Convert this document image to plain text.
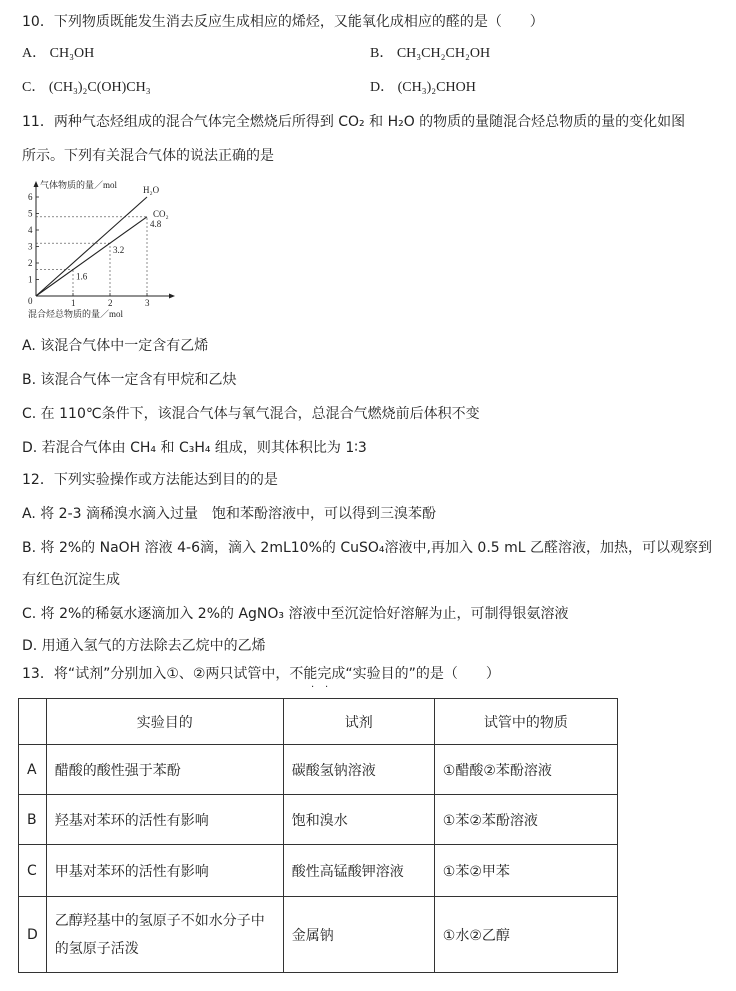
10．下列物质既能发生消去反应生成相应的烯烃，又能氧化成相应的醛的是（　　）
A． CH₃OH	B． CH₃CH₂CH₂OH
C． (CH₃)₂C(OH)CH₃	D． (CH₃)₂CHOH
11．两种气态烃组成的混合气体完全燃烧后所得到 CO₂ 和 H₂O 的物质的量随混合烃总物质的量的变化如图
所示。下列有关混合气体的说法正确的是
气体物质的量／mol
混合烃总物质的量／mol
0
1
2
3
4
5
6
1	2	3
1.6
3.2
4.8
H₂O
CO₂
A. 该混合气体中一定含有乙烯
B. 该混合气体一定含有甲烷和乙炔
C. 在 110℃条件下，该混合气体与氧气混合，总混合气燃烧前后体积不变
D. 若混合气体由 CH₄ 和 C₃H₄ 组成，则其体积比为 1∶3
12．下列实验操作或方法能达到目的的是
A. 将 2-3 滴稀溴水滴入过量　饱和苯酚溶液中，可以得到三溴苯酚
B. 将 2%的 NaOH 溶液 4-6滴，滴入 2mL10%的 CuSO₄溶液中,再加入 0.5 mL 乙醛溶液，加热，可以观察到
有红色沉淀生成
C. 将 2%的稀氨水逐滴加入 2%的 AgNO₃ 溶液中至沉淀恰好溶解为止，可制得银氨溶液
D. 用通入氢气的方法除去乙烷中的乙烯
13．将“试剂”分别加入①、②两只试管中，不能完成“实验目的”的是（　　）
· ·
	实验目的	试剂	试管中的物质
A	醋酸的酸性强于苯酚	碳酸氢钠溶液	①醋酸②苯酚溶液
B	羟基对苯环的活性有影响	饱和溴水	①苯②苯酚溶液
C	甲基对苯环的活性有影响	酸性高锰酸钾溶液	①苯②甲苯
D	乙醇羟基中的氢原子不如水分子中
的氢原子活泼	金属钠	①水②乙醇
